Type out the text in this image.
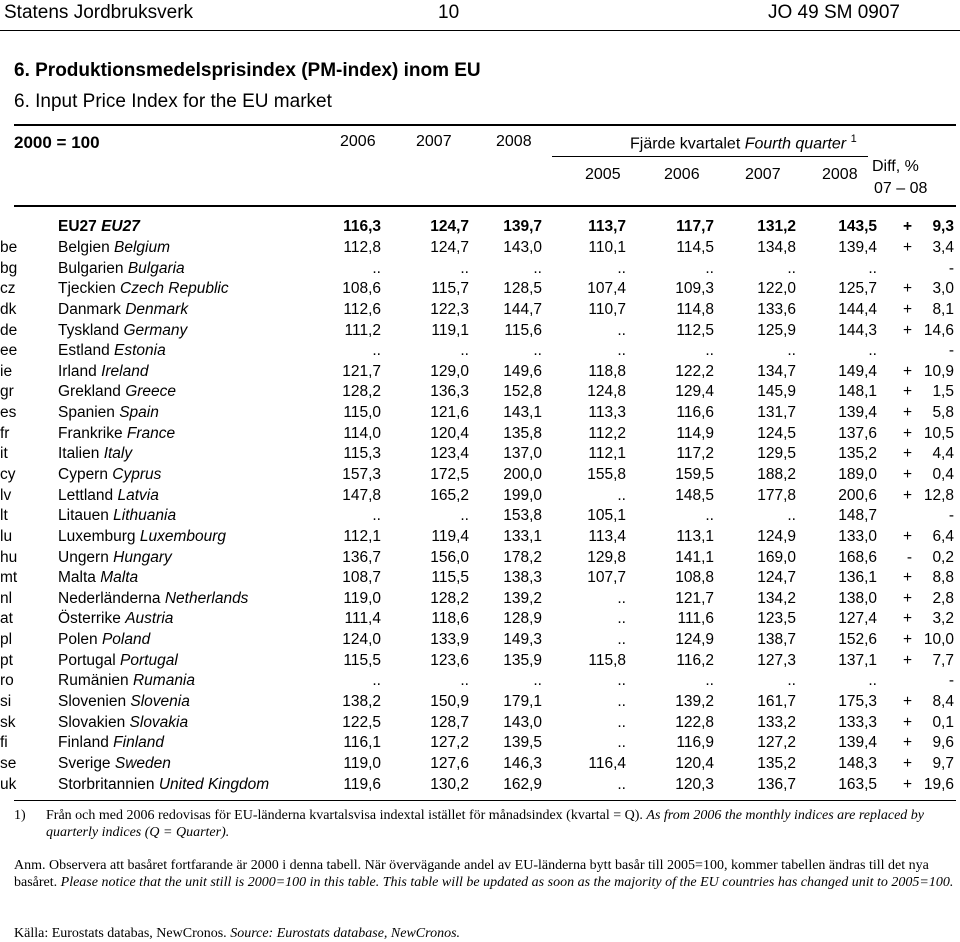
Statens Jordbruksverk	10	JO 49 SM 0907
6. Produktionsmedelsprisindex (PM-index) inom EU
6. Input Price Index for the EU market
2000 = 100	2006	2007	2008	Fjärde kvartalet Fourth quarter $^1$
2005	2006	2007	2008 Diff, %
07 – 08
	EU27 EU27	116,3	124,7	139,7	113,7	117,7	131,2	143,5	+	9,3
be	Belgien Belgium	112,8	124,7	143,0	110,1	114,5	134,8	139,4	+	3,4
bg	Bulgarien Bulgaria	..	..	..	..	..	..	..		-
cz	Tjeckien Czech Republic	108,6	115,7	128,5	107,4	109,3	122,0	125,7	+	3,0
dk	Danmark Denmark	112,6	122,3	144,7	110,7	114,8	133,6	144,4	+	8,1
de	Tyskland Germany	111,2	119,1	115,6	..	112,5	125,9	144,3	+	14,6
ee	Estland Estonia	..	..	..	..	..	..	..		-
ie	Irland Ireland	121,7	129,0	149,6	118,8	122,2	134,7	149,4	+	10,9
gr	Grekland Greece	128,2	136,3	152,8	124,8	129,4	145,9	148,1	+	1,5
es	Spanien Spain	115,0	121,6	143,1	113,3	116,6	131,7	139,4	+	5,8
fr	Frankrike France	114,0	120,4	135,8	112,2	114,9	124,5	137,6	+	10,5
it	Italien Italy	115,3	123,4	137,0	112,1	117,2	129,5	135,2	+	4,4
cy	Cypern Cyprus	157,3	172,5	200,0	155,8	159,5	188,2	189,0	+	0,4
lv	Lettland Latvia	147,8	165,2	199,0	..	148,5	177,8	200,6	+	12,8
lt	Litauen Lithuania	..	..	153,8	105,1	..	..	148,7		-
lu	Luxemburg Luxembourg	112,1	119,4	133,1	113,4	113,1	124,9	133,0	+	6,4
hu	Ungern Hungary	136,7	156,0	178,2	129,8	141,1	169,0	168,6	-	0,2
mt	Malta Malta	108,7	115,5	138,3	107,7	108,8	124,7	136,1	+	8,8
nl	Nederländerna Netherlands	119,0	128,2	139,2	..	121,7	134,2	138,0	+	2,8
at	Österrike Austria	111,4	118,6	128,9	..	111,6	123,5	127,4	+	3,2
pl	Polen Poland	124,0	133,9	149,3	..	124,9	138,7	152,6	+	10,0
pt	Portugal Portugal	115,5	123,6	135,9	115,8	116,2	127,3	137,1	+	7,7
ro	Rumänien Rumania	..	..	..	..	..	..	..		-
si	Slovenien Slovenia	138,2	150,9	179,1	..	139,2	161,7	175,3	+	8,4
sk	Slovakien Slovakia	122,5	128,7	143,0	..	122,8	133,2	133,3	+	0,1
fi	Finland Finland	116,1	127,2	139,5	..	116,9	127,2	139,4	+	9,6
se	Sverige Sweden	119,0	127,6	146,3	116,4	120,4	135,2	148,3	+	9,7
uk	Storbritannien United Kingdom	119,6	130,2	162,9	..	120,3	136,7	163,5	+	19,6
1) Från och med 2006 redovisas för EU-länderna kvartalsvisa indextal istället för månadsindex (kvartal = Q). As from 2006 the monthly indices are replaced by quarterly indices (Q = Quarter).
Anm. Observera att basåret fortfarande är 2000 i denna tabell. När övervägande andel av EU-länderna bytt basår till 2005=100, kommer tabellen ändras till det nya basåret. Please notice that the unit still is 2000=100 in this table. This table will be updated as soon as the majority of the EU countries has changed unit to 2005=100.
Källa: Eurostats databas, NewCronos. Source: Eurostats database, NewCronos.
